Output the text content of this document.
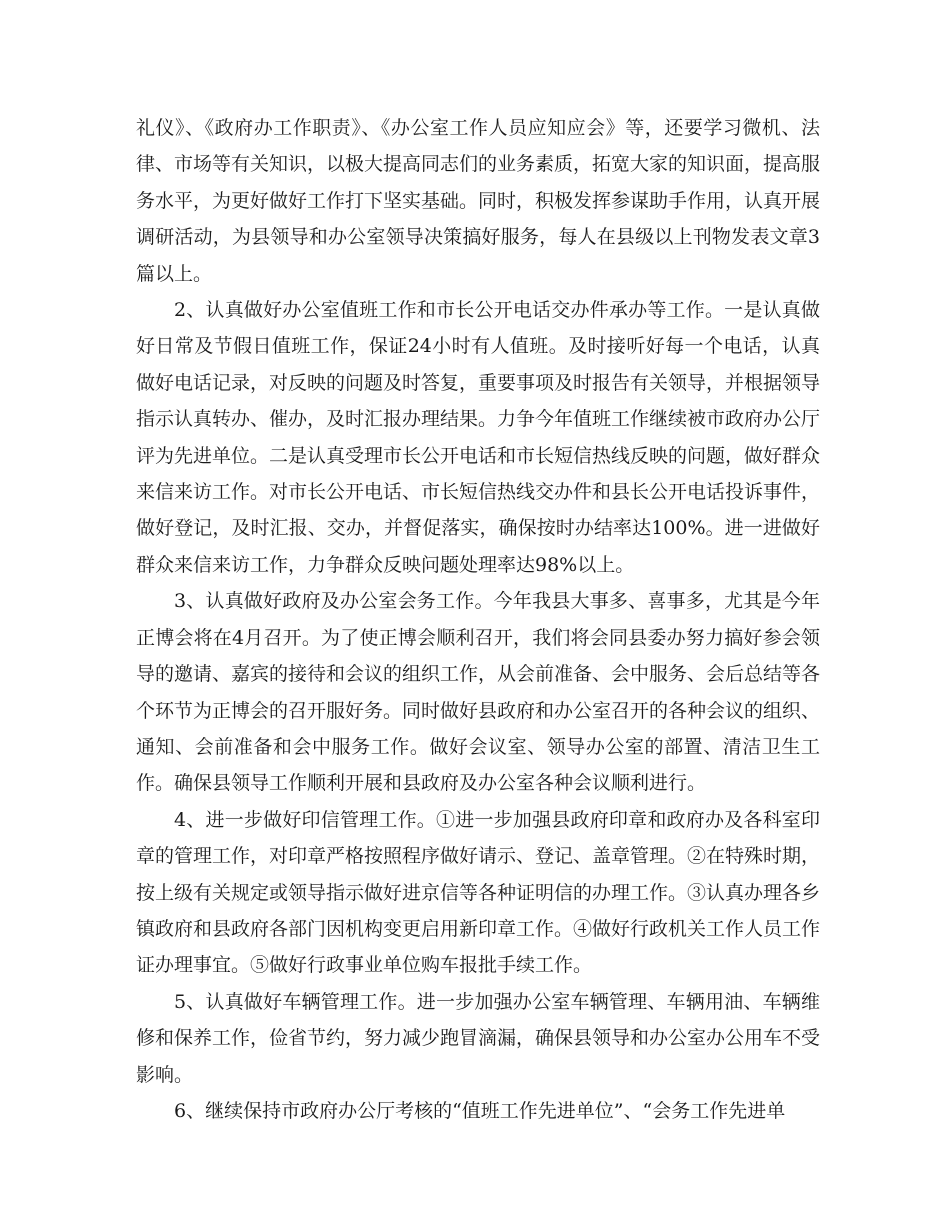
礼仪》、《政府办工作职责》、《办公室工作人员应知应会》等，还要学习微机、法律、市场等有关知识，以极大提高同志们的业务素质，拓宽大家的知识面，提高服务水平，为更好做好工作打下坚实基础。同时，积极发挥参谋助手作用，认真开展调研活动，为县领导和办公室领导决策搞好服务，每人在县级以上刊物发表文章3 篇以上。

2、认真做好办公室值班工作和市长公开电话交办件承办等工作。一是认真做好日常及节假日值班工作，保证24小时有人值班。及时接听好每一个电话，认真做好电话记录，对反映的问题及时答复，重要事项及时报告有关领导，并根据领导指示认真转办、催办，及时汇报办理结果。力争今年值班工作继续被市政府办公厅评为先进单位。二是认真受理市长公开电话和市长短信热线反映的问题，做好群众来信来访工作。对市长公开电话、市长短信热线交办件和县长公开电话投诉事件，做好登记，及时汇报、交办，并督促落实，确保按时办结率达100%。进一进做好群众来信来访工作，力争群众反映问题处理率达98%以上。

3、认真做好政府及办公室会务工作。今年我县大事多、喜事多，尤其是今年正博会将在4月召开。为了使正博会顺利召开，我们将会同县委办努力搞好参会领导的邀请、嘉宾的接待和会议的组织工作，从会前准备、会中服务、会后总结等各个环节为正博会的召开服好务。同时做好县政府和办公室召开的各种会议的组织、通知、会前准备和会中服务工作。做好会议室、领导办公室的部置、清洁卫生工作。确保县领导工作顺利开展和县政府及办公室各种会议顺利进行。

4、进一步做好印信管理工作。①进一步加强县政府印章和政府办及各科室印章的管理工作，对印章严格按照程序做好请示、登记、盖章管理。②在特殊时期，按上级有关规定或领导指示做好进京信等各种证明信的办理工作。③认真办理各乡镇政府和县政府各部门因机构变更启用新印章工作。④做好行政机关工作人员工作证办理事宜。⑤做好行政事业单位购车报批手续工作。

5、认真做好车辆管理工作。进一步加强办公室车辆管理、车辆用油、车辆维修和保养工作，俭省节约，努力减少跑冒滴漏，确保县领导和办公室办公用车不受影响。

6、继续保持市政府办公厅考核的“值班工作先进单位”、“会务工作先进单
